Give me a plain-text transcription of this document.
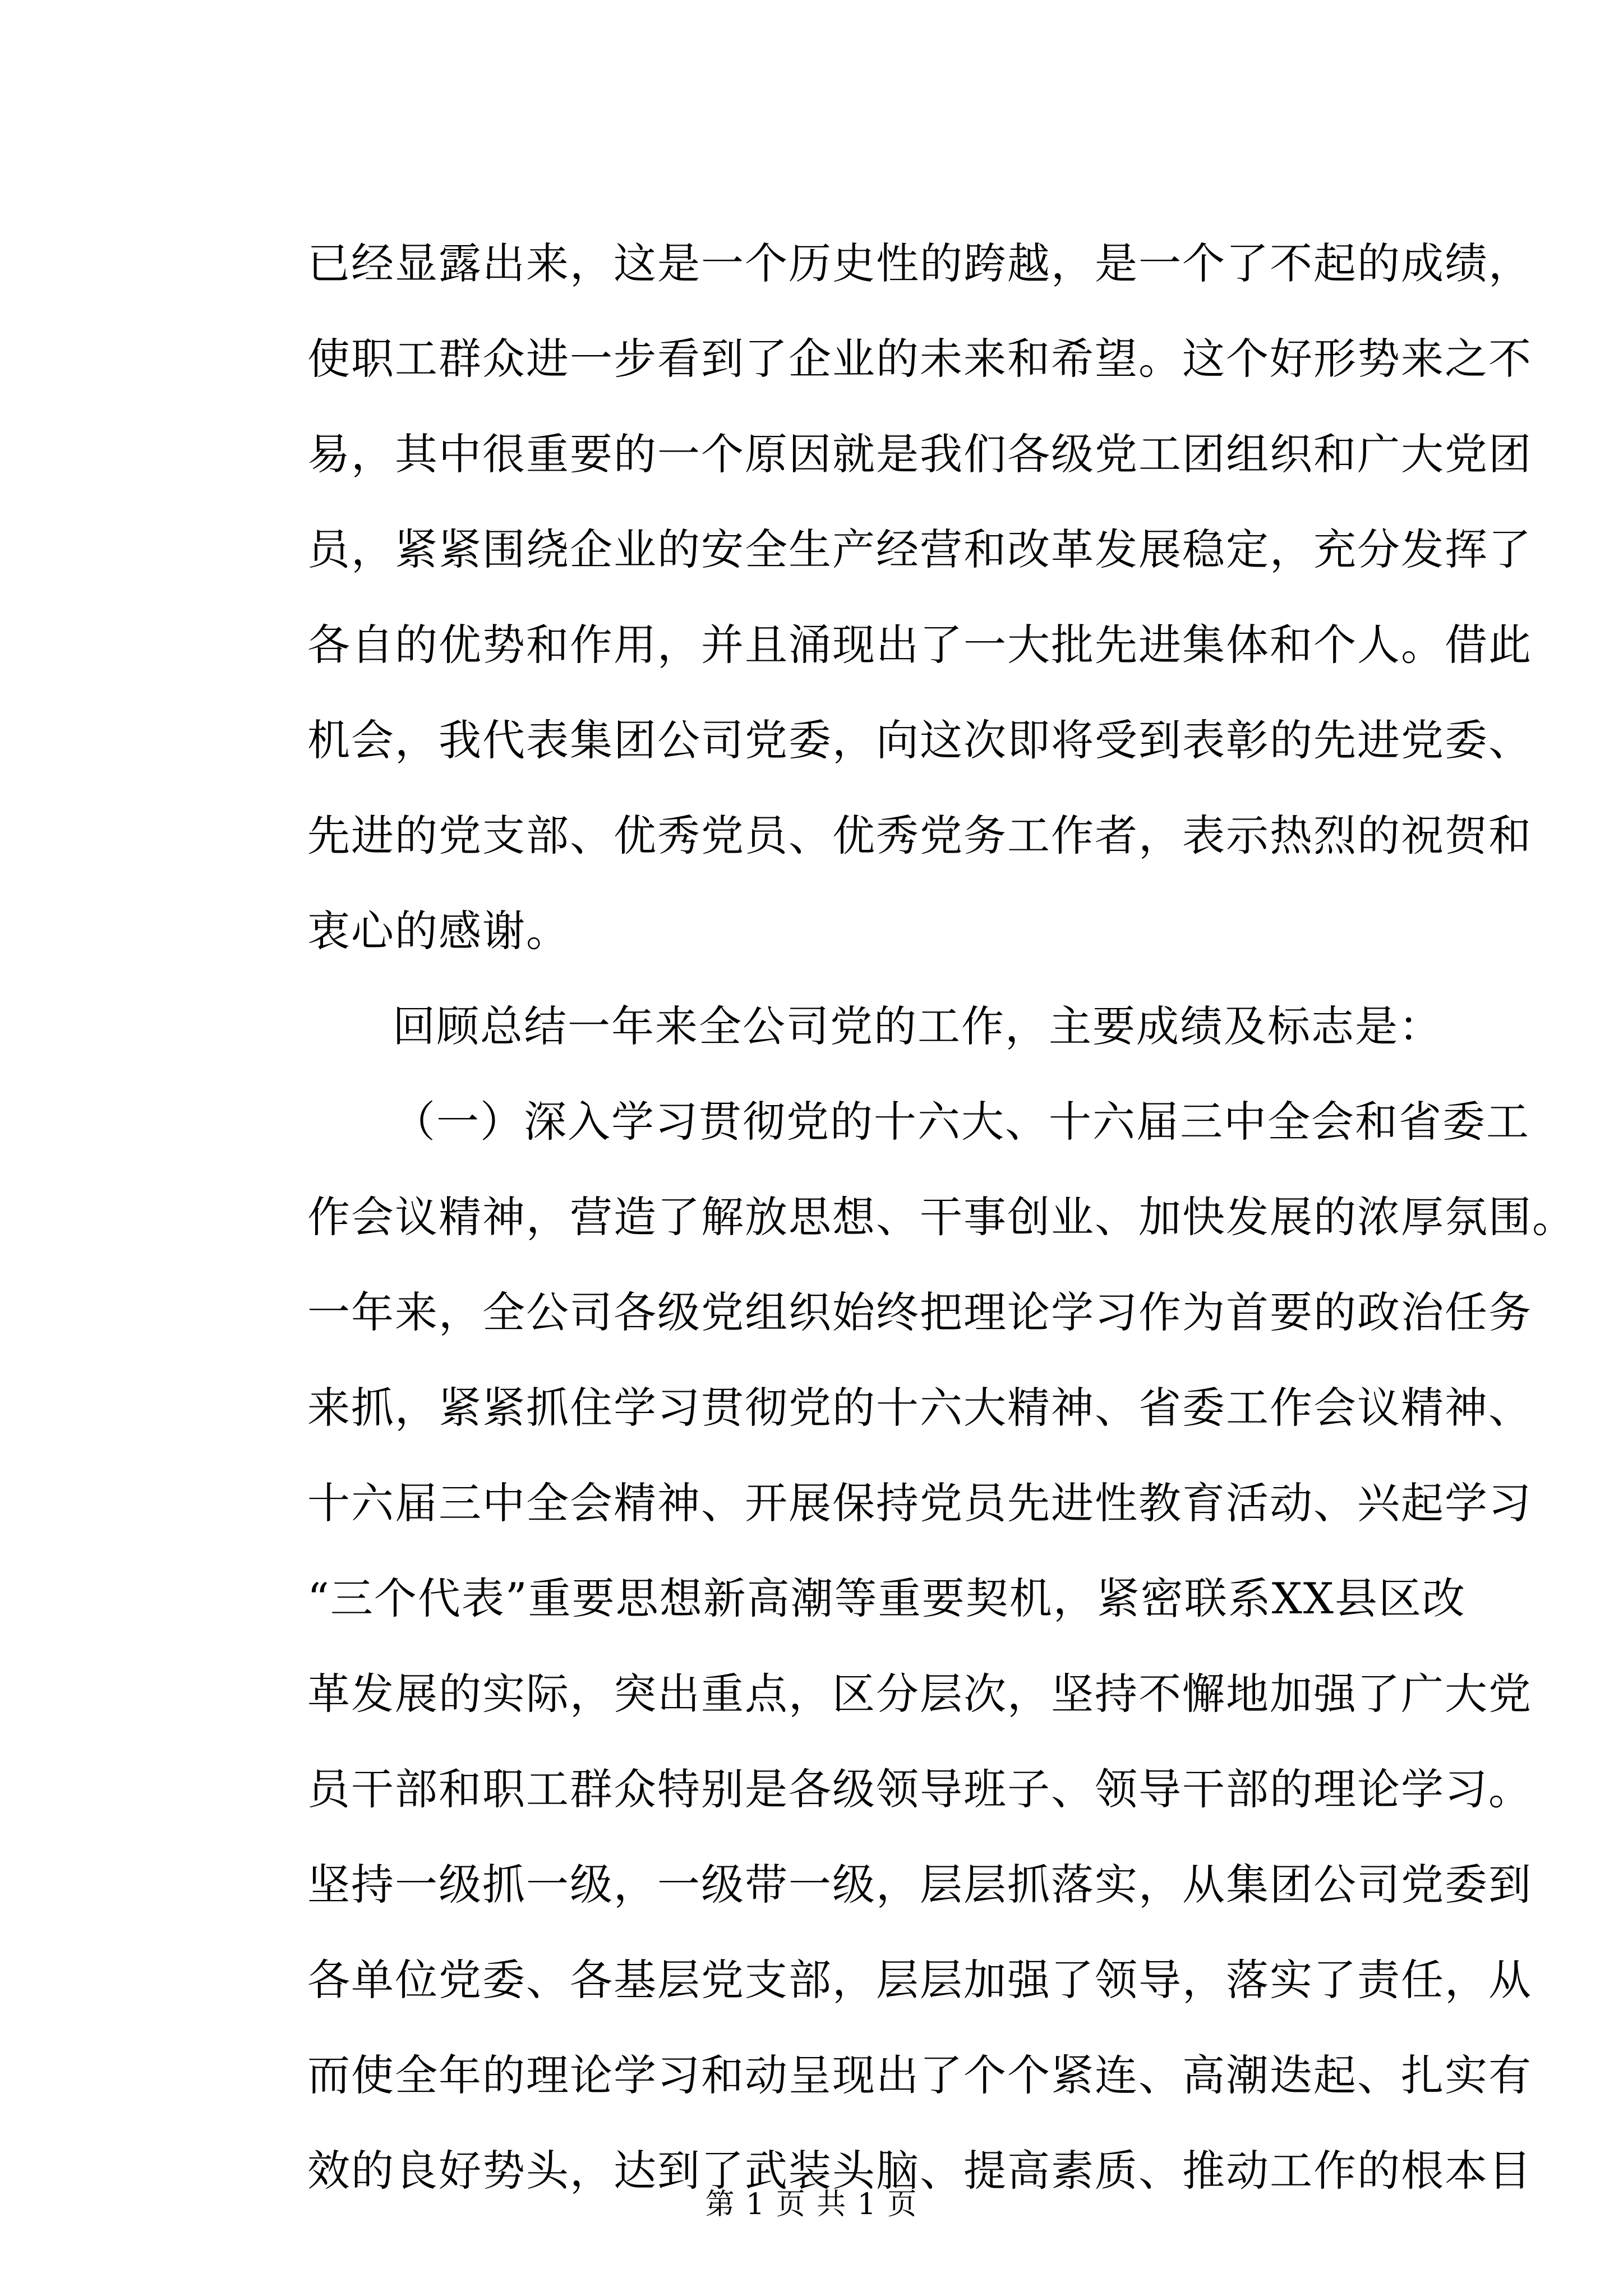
已经显露出来，这是一个历史性的跨越，是一个了不起的成绩，
使职工群众进一步看到了企业的未来和希望。这个好形势来之不
易，其中很重要的一个原因就是我们各级党工团组织和广大党团
员，紧紧围绕企业的安全生产经营和改革发展稳定，充分发挥了
各自的优势和作用，并且涌现出了一大批先进集体和个人。借此
机会，我代表集团公司党委，向这次即将受到表彰的先进党委、
先进的党支部、优秀党员、优秀党务工作者，表示热烈的祝贺和
衷心的感谢。
回顾总结一年来全公司党的工作，主要成绩及标志是：
（一）深入学习贯彻党的十六大、十六届三中全会和省委工
作会议精神，营造了解放思想、干事创业、加快发展的浓厚氛围。
一年来，全公司各级党组织始终把理论学习作为首要的政治任务
来抓，紧紧抓住学习贯彻党的十六大精神、省委工作会议精神、
十六届三中全会精神、开展保持党员先进性教育活动、兴起学习
“三个代表”重要思想新高潮等重要契机，紧密联系XX县区改
革发展的实际，突出重点，区分层次，坚持不懈地加强了广大党
员干部和职工群众特别是各级领导班子、领导干部的理论学习。
坚持一级抓一级，一级带一级，层层抓落实，从集团公司党委到
各单位党委、各基层党支部，层层加强了领导，落实了责任，从
而使全年的理论学习和动呈现出了个个紧连、高潮迭起、扎实有
效的良好势头，达到了武装头脑、提高素质、推动工作的根本目
第 1 页 共 1 页
